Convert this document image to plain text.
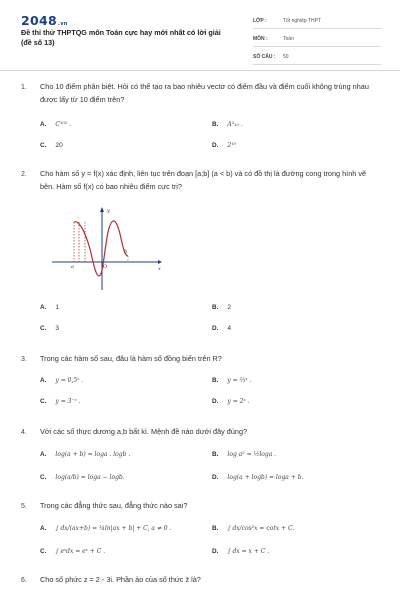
2048.vn
Đề thi thử THPTQG môn Toán cực hay mới nhất có lời giải (đề số 13)
LỚP :	Tốt nghiệp THPT
MÔN :	Toán
SỐ CÂU : 50
1. Cho 10 điểm phân biệt. Hỏi có thể tạo ra bao nhiêu vectơ có điểm đầu và điểm cuối không trùng nhau được lấy từ 10 điểm trên?
A. C¹⁰² .	B. A²₁₀ .
C. 20	D. 2¹⁰
2. Cho hàm số y = f(x) xác định, liên tục trên đoạn [a;b] (a < b) và có đồ thị là đường cong trong hình vẽ bên. Hàm số f(x) có bao nhiêu điểm cực trị?
y
x
a
b
O
A. 1	B. 2
C. 3	D. 4
3. Trong các hàm số sau, đâu là hàm số đồng biến trên R?
A. y = 0,5ˣ .	B. y = ⅔ˣ .
C. y = 3⁻ˣ .	D. y = 2ˣ .
4. Với các số thực dương a,b bất kì. Mệnh đề nào dưới đây đúng?
A. log(a + b) = loga . logb .	B. log a² = ½loga .
C. log(a/b) = loga − logb.	D. log(a + logb) = loga + b.
5. Trong các đẳng thức sau, đẳng thức nào sai?
A. ∫ dx/(ax+b) = ¼ln|ax + b| + C, a ≠ 0 .	B. ∫ dx/cos²x = cotx + C.
C. ∫ eˣdx = eˣ + C .	D. ∫ dx = x + C .
6. Cho số phức z = 2 - 3i. Phần ảo của số thức z̄ là?
